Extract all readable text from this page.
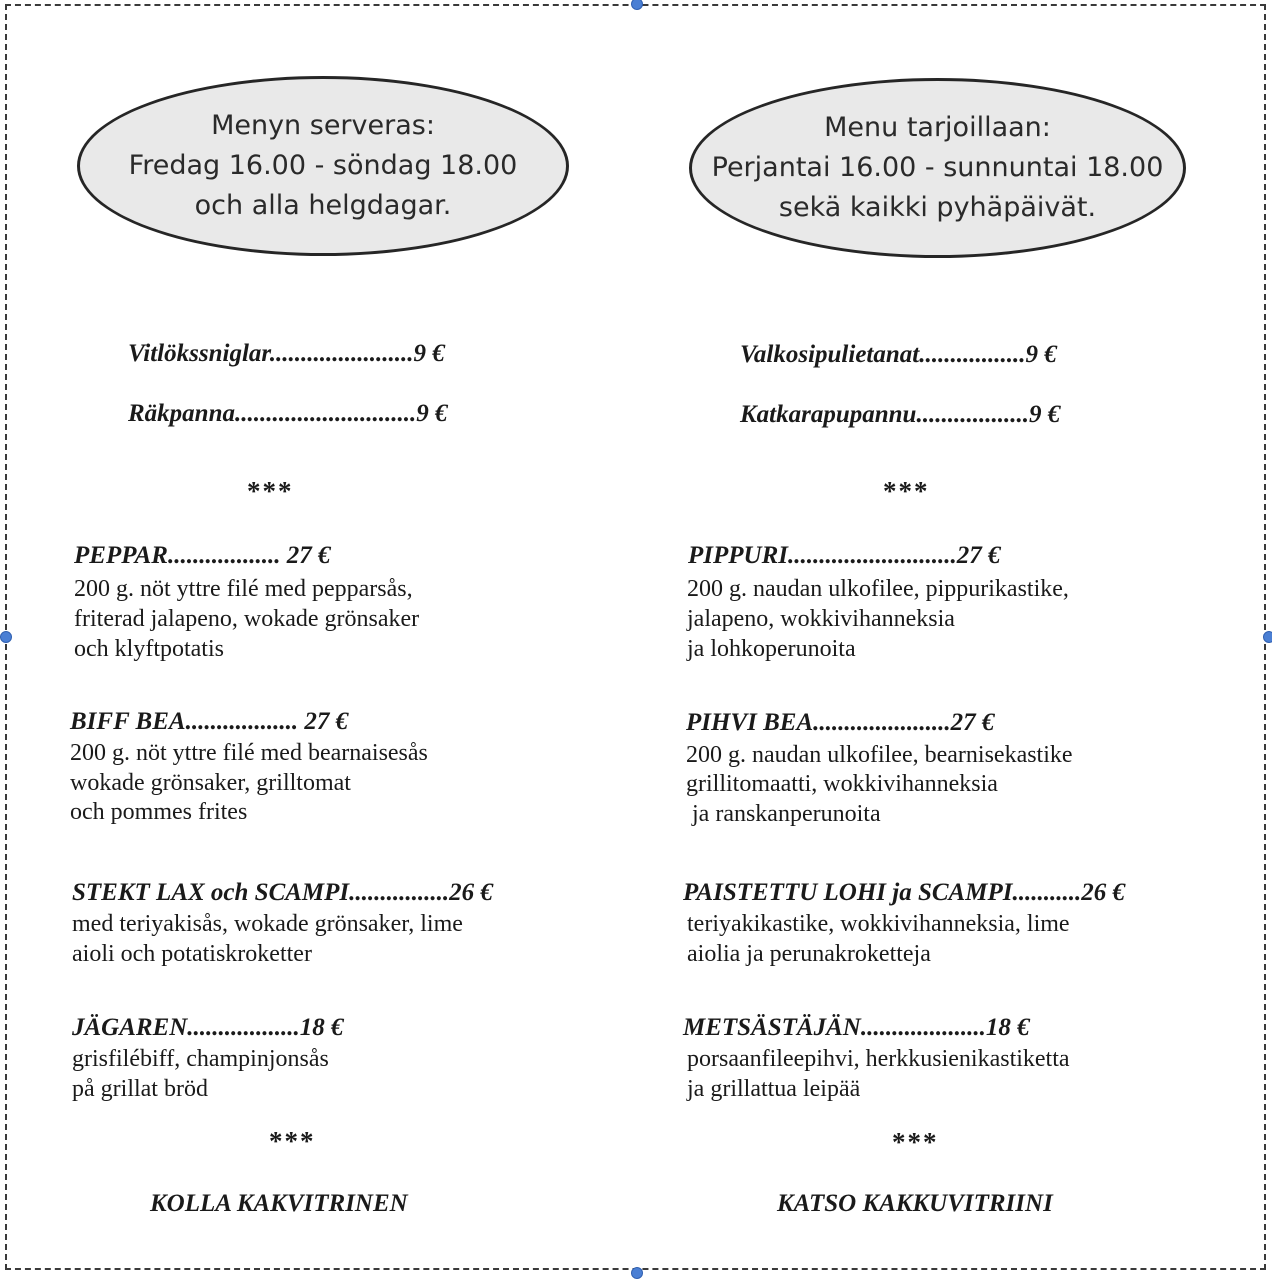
Menyn serveras:
Fredag 16.00 - söndag 18.00
och alla helgdagar.
Vitlökssniglar.......................9 €
Räkpanna.............................9 €
***
PEPPAR.................. 27 €
200 g. nöt yttre filé med pepparsås,
friterad jalapeno, wokade grönsaker
och klyftpotatis
BIFF BEA.................. 27 €
200 g. nöt yttre filé med bearnaisesås
wokade grönsaker, grilltomat
och pommes frites
STEKT LAX och SCAMPI................26 €
med teriyakisås, wokade grönsaker, lime
aioli och potatiskroketter
JÄGAREN..................18 €
grisfilébiff, champinjonsås
på grillat bröd
***
KOLLA KAKVITRINEN
Menu tarjoillaan:
Perjantai 16.00 - sunnuntai 18.00
sekä kaikki pyhäpäivät.
Valkosipulietanat.................9 €
Katkarapupannu..................9 €
***
PIPPURI...........................27 €
200 g. naudan ulkofilee, pippurikastike,
jalapeno, wokkivihanneksia
ja lohkoperunoita
PIHVI BEA......................27 €
200 g. naudan ulkofilee, bearnisekastike
grillitomaatti, wokkivihanneksia
ja ranskanperunoita
PAISTETTU LOHI ja SCAMPI...........26 €
teriyakikastike, wokkivihanneksia, lime
aiolia ja perunakroketteja
METSÄSTÄJÄN....................18 €
porsaanfileepihvi, herkkusienikastiketta
ja grillattua leipää
***
KATSO KAKKUVITRIINI
